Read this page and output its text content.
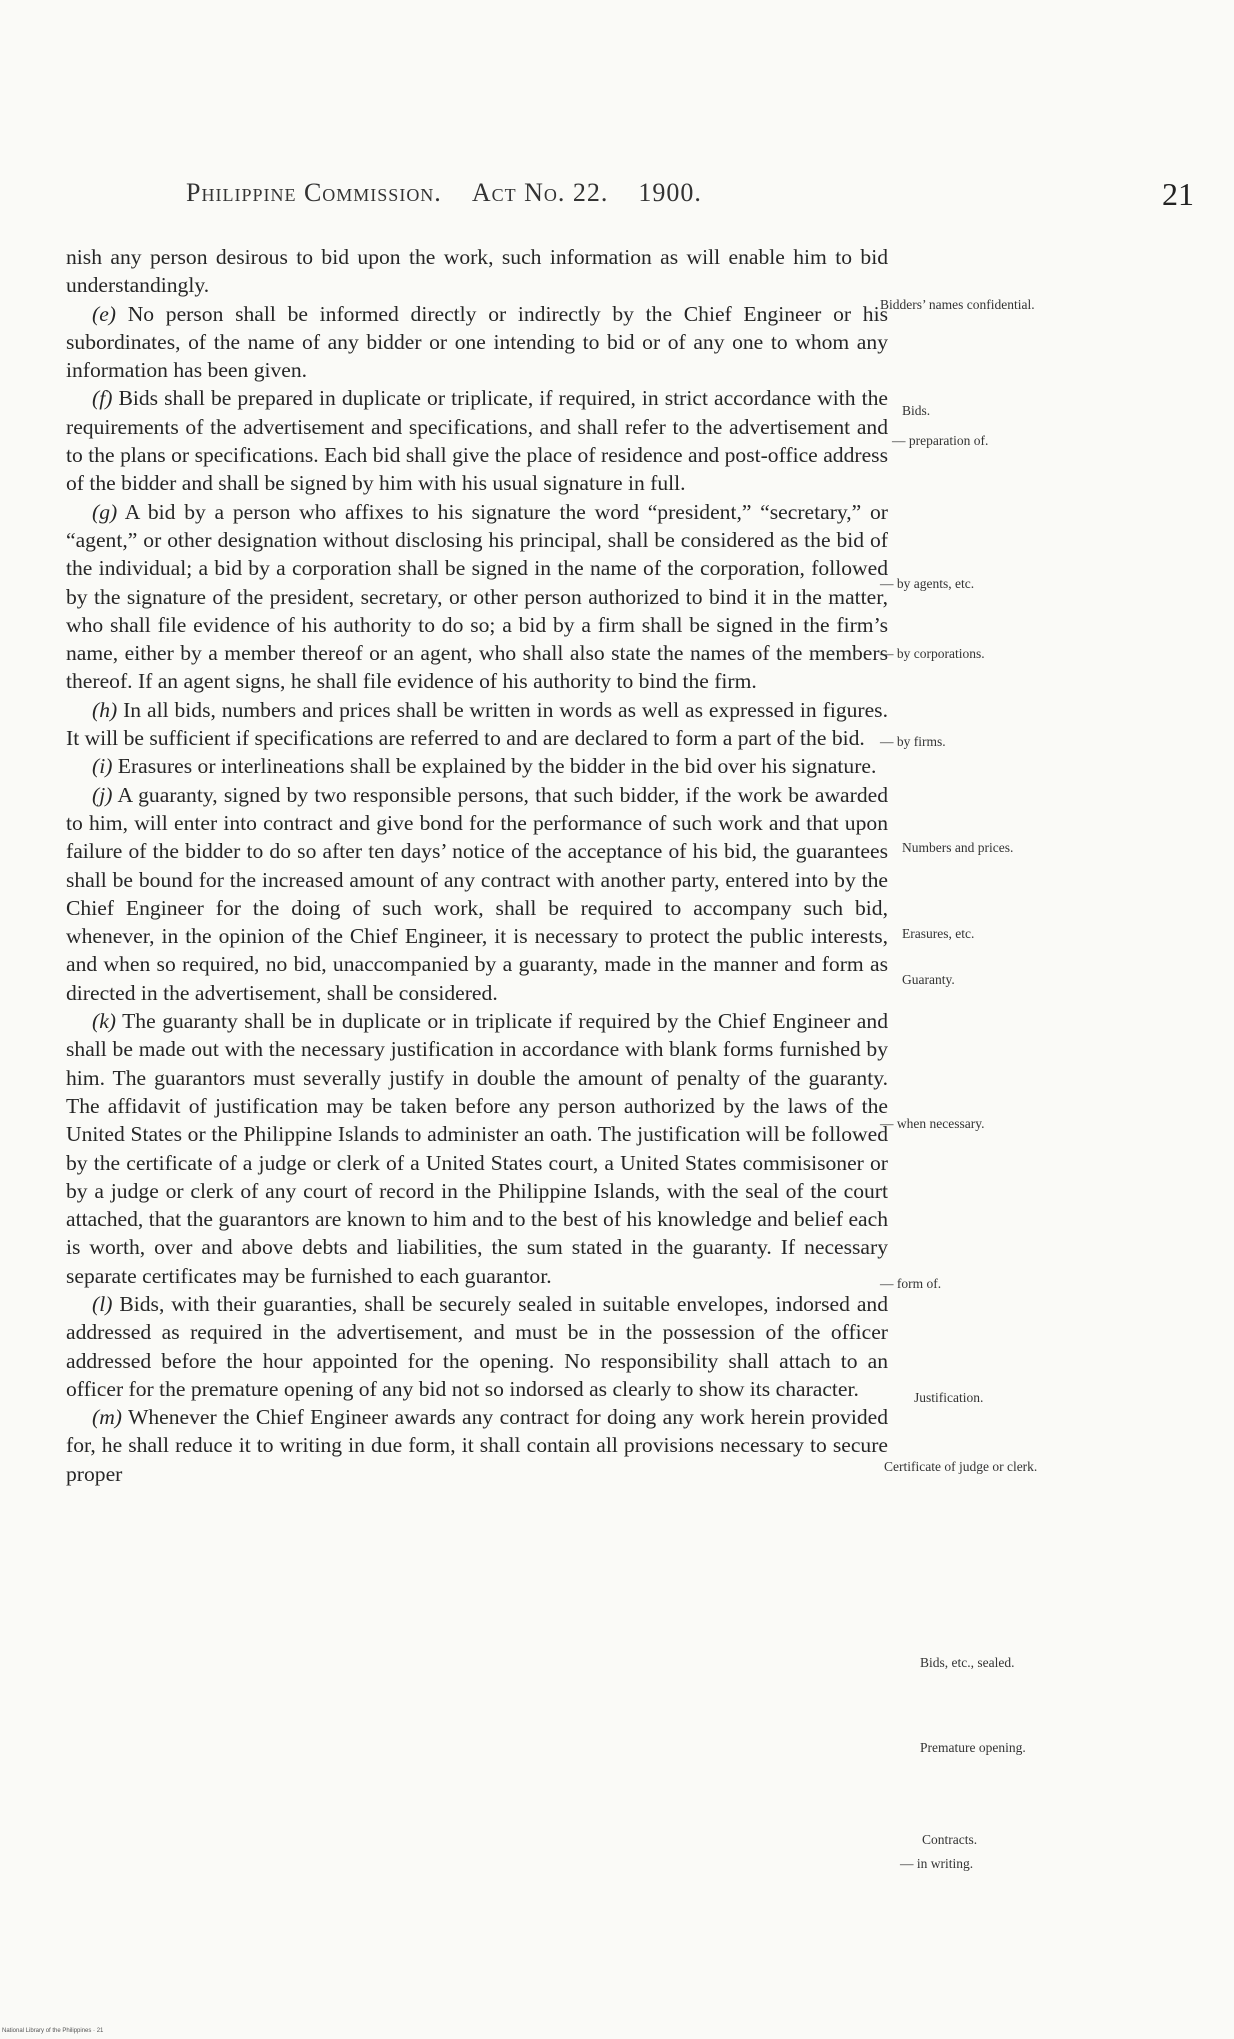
Philippine Commission. Act No. 22. 1900.	21

nish any person desirous to bid upon the work, such information as will enable him to bid understandingly.

(e) No person shall be informed directly or indirectly by the Chief Engineer or his subordinates, of the name of any bidder or one intending to bid or of any one to whom any information has been given.

(f) Bids shall be prepared in duplicate or triplicate, if required, in strict accordance with the requirements of the advertisement and specifications, and shall refer to the advertisement and to the plans or specifications. Each bid shall give the place of residence and post-office address of the bidder and shall be signed by him with his usual signature in full.

(g) A bid by a person who affixes to his signature the word “president,” “secretary,” or “agent,” or other designation without disclosing his principal, shall be considered as the bid of the individual; a bid by a corporation shall be signed in the name of the corporation, followed by the signature of the president, secretary, or other person authorized to bind it in the matter, who shall file evidence of his authority to do so; a bid by a firm shall be signed in the firm’s name, either by a member thereof or an agent, who shall also state the names of the members thereof. If an agent signs, he shall file evidence of his authority to bind the firm.

(h) In all bids, numbers and prices shall be written in words as well as expressed in figures. It will be sufficient if specifications are referred to and are declared to form a part of the bid.

(i) Erasures or interlineations shall be explained by the bidder in the bid over his signature.

(j) A guaranty, signed by two responsible persons, that such bidder, if the work be awarded to him, will enter into contract and give bond for the performance of such work and that upon failure of the bidder to do so after ten days’ notice of the acceptance of his bid, the guarantees shall be bound for the increased amount of any contract with another party, entered into by the Chief Engineer for the doing of such work, shall be required to accompany such bid, whenever, in the opinion of the Chief Engineer, it is necessary to protect the public interests, and when so required, no bid, unaccompanied by a guaranty, made in the manner and form as directed in the advertisement, shall be considered.

(k) The guaranty shall be in duplicate or in triplicate if required by the Chief Engineer and shall be made out with the necessary justification in accordance with blank forms furnished by him. The guarantors must severally justify in double the amount of penalty of the guaranty. The affidavit of justification may be taken before any person authorized by the laws of the United States or the Philippine Islands to administer an oath. The justification will be followed by the certificate of a judge or clerk of a United States court, a United States commisisoner or by a judge or clerk of any court of record in the Philippine Islands, with the seal of the court attached, that the guarantors are known to him and to the best of his knowledge and belief each is worth, over and above debts and liabilities, the sum stated in the guaranty. If necessary separate certificates may be furnished to each guarantor.

(l) Bids, with their guaranties, shall be securely sealed in suitable envelopes, indorsed and addressed as required in the advertisement, and must be in the possession of the officer addressed before the hour appointed for the opening. No responsibility shall attach to an officer for the premature opening of any bid not so indorsed as clearly to show its character.

(m) Whenever the Chief Engineer awards any contract for doing any work herein provided for, he shall reduce it to writing in due form, it shall contain all provisions necessary to secure proper

Bidders’ names confidential.
Bids.
— preparation of.
— by agents, etc.
— by corporations.
— by firms.
Numbers and prices.
Erasures, etc.
Guaranty.
— when necessary.
— form of.
Justification.
Certificate of judge or clerk.
Bids, etc., sealed.
Premature opening.
Contracts.
— in writing.
National Library of the Philippines · 21
